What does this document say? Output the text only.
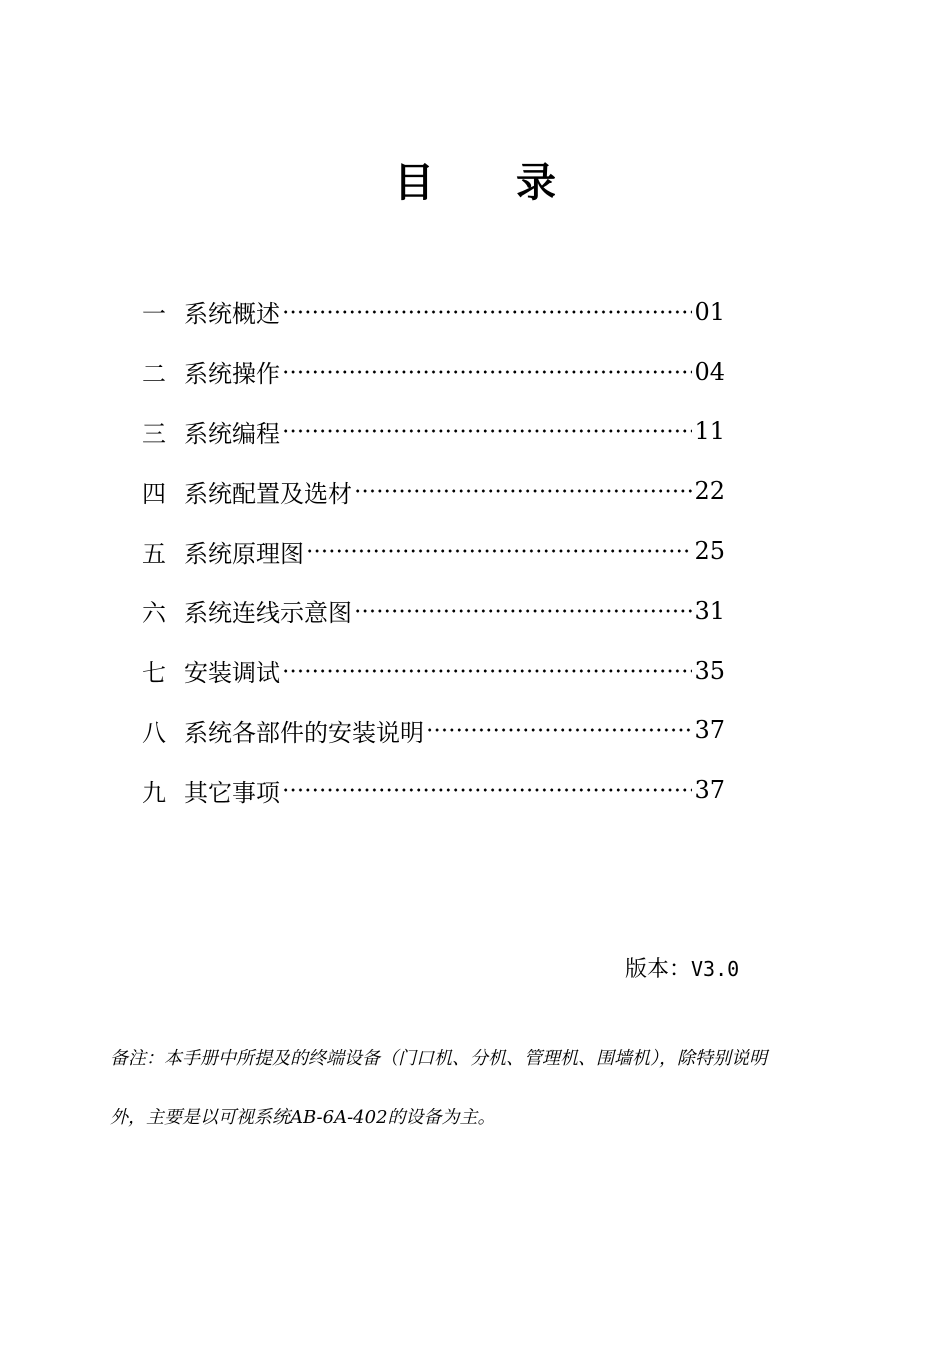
目 录
一 系统概述	01
二 系统操作	04
三 系统编程	11
四 系统配置及选材	22
五 系统原理图	25
六 系统连线示意图	31
七 安装调试	35
八 系统各部件的安装说明	37
九 其它事项	37
版本：V3.0
备注：本手册中所提及的终端设备（门口机、分机、管理机、围墙机），除特别说明
外，主要是以可视系统AB-6A-402的设备为主。
